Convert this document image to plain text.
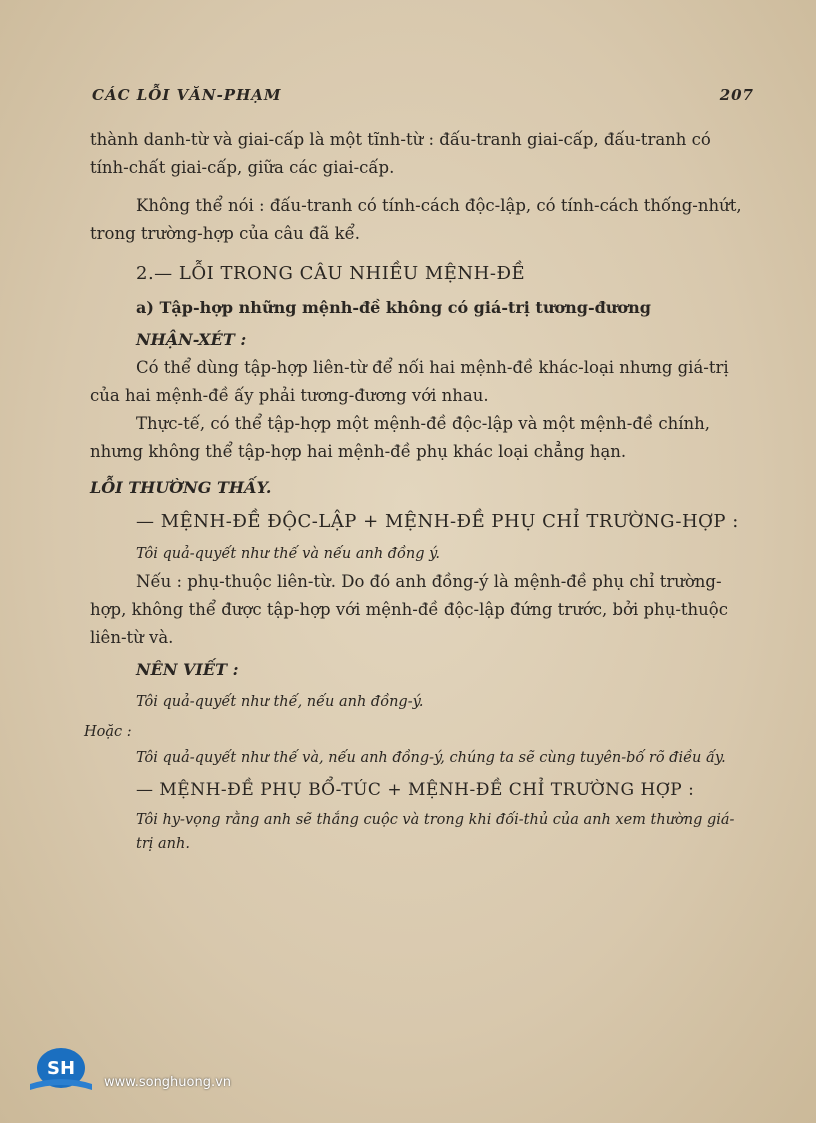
CÁC LỖI VĂN-PHẠM	207

thành danh-từ và giai-cấp là một tĩnh-từ : đấu-tranh giai-cấp, đấu-tranh có tính-chất giai-cấp, giữa các giai-cấp.

Không thể nói : đấu-tranh có tính-cách độc-lập, có tính-cách thống-nhứt, trong trường-hợp của câu đã kể.

2.— LỖI TRONG CÂU NHIỀU MỆNH-ĐỀ

a) Tập-hợp những mệnh-đề không có giá-trị tương-đương

NHẬN-XÉT :

Có thể dùng tập-hợp liên-từ để nối hai mệnh-đề khác-loại nhưng giá-trị của hai mệnh-đề ấy phải tương-đương với nhau.

Thực-tế, có thể tập-hợp một mệnh-đề độc-lập và một mệnh-đề chính, nhưng không thể tập-hợp hai mệnh-đề phụ khác loại chẳng hạn.

LỖI THƯỜNG THẤY.

— MỆNH-ĐỀ ĐỘC-LẬP + MỆNH-ĐỀ PHỤ CHỈ TRƯỜNG-HỢP :

Tôi quả-quyết như thế và nếu anh đồng ý.

Nếu : phụ-thuộc liên-từ. Do đó anh đồng-ý là mệnh-đề phụ chỉ trường-hợp, không thể được tập-hợp với mệnh-đề độc-lập đứng trước, bởi phụ-thuộc liên-từ và.

NÊN VIẾT :

Tôi quả-quyết như thế, nếu anh đồng-ý.

Hoặc :

Tôi quả-quyết như thế và, nếu anh đồng-ý, chúng ta sẽ cùng tuyên-bố rõ điều ấy.

— MỆNH-ĐỀ PHỤ BỔ-TÚC + MỆNH-ĐỀ CHỈ TRƯỜNG HỢP :

Tôi hy-vọng rằng anh sẽ thắng cuộc và trong khi đối-thủ của anh xem thường giá-trị anh.

SH
www.songhuong.vn
